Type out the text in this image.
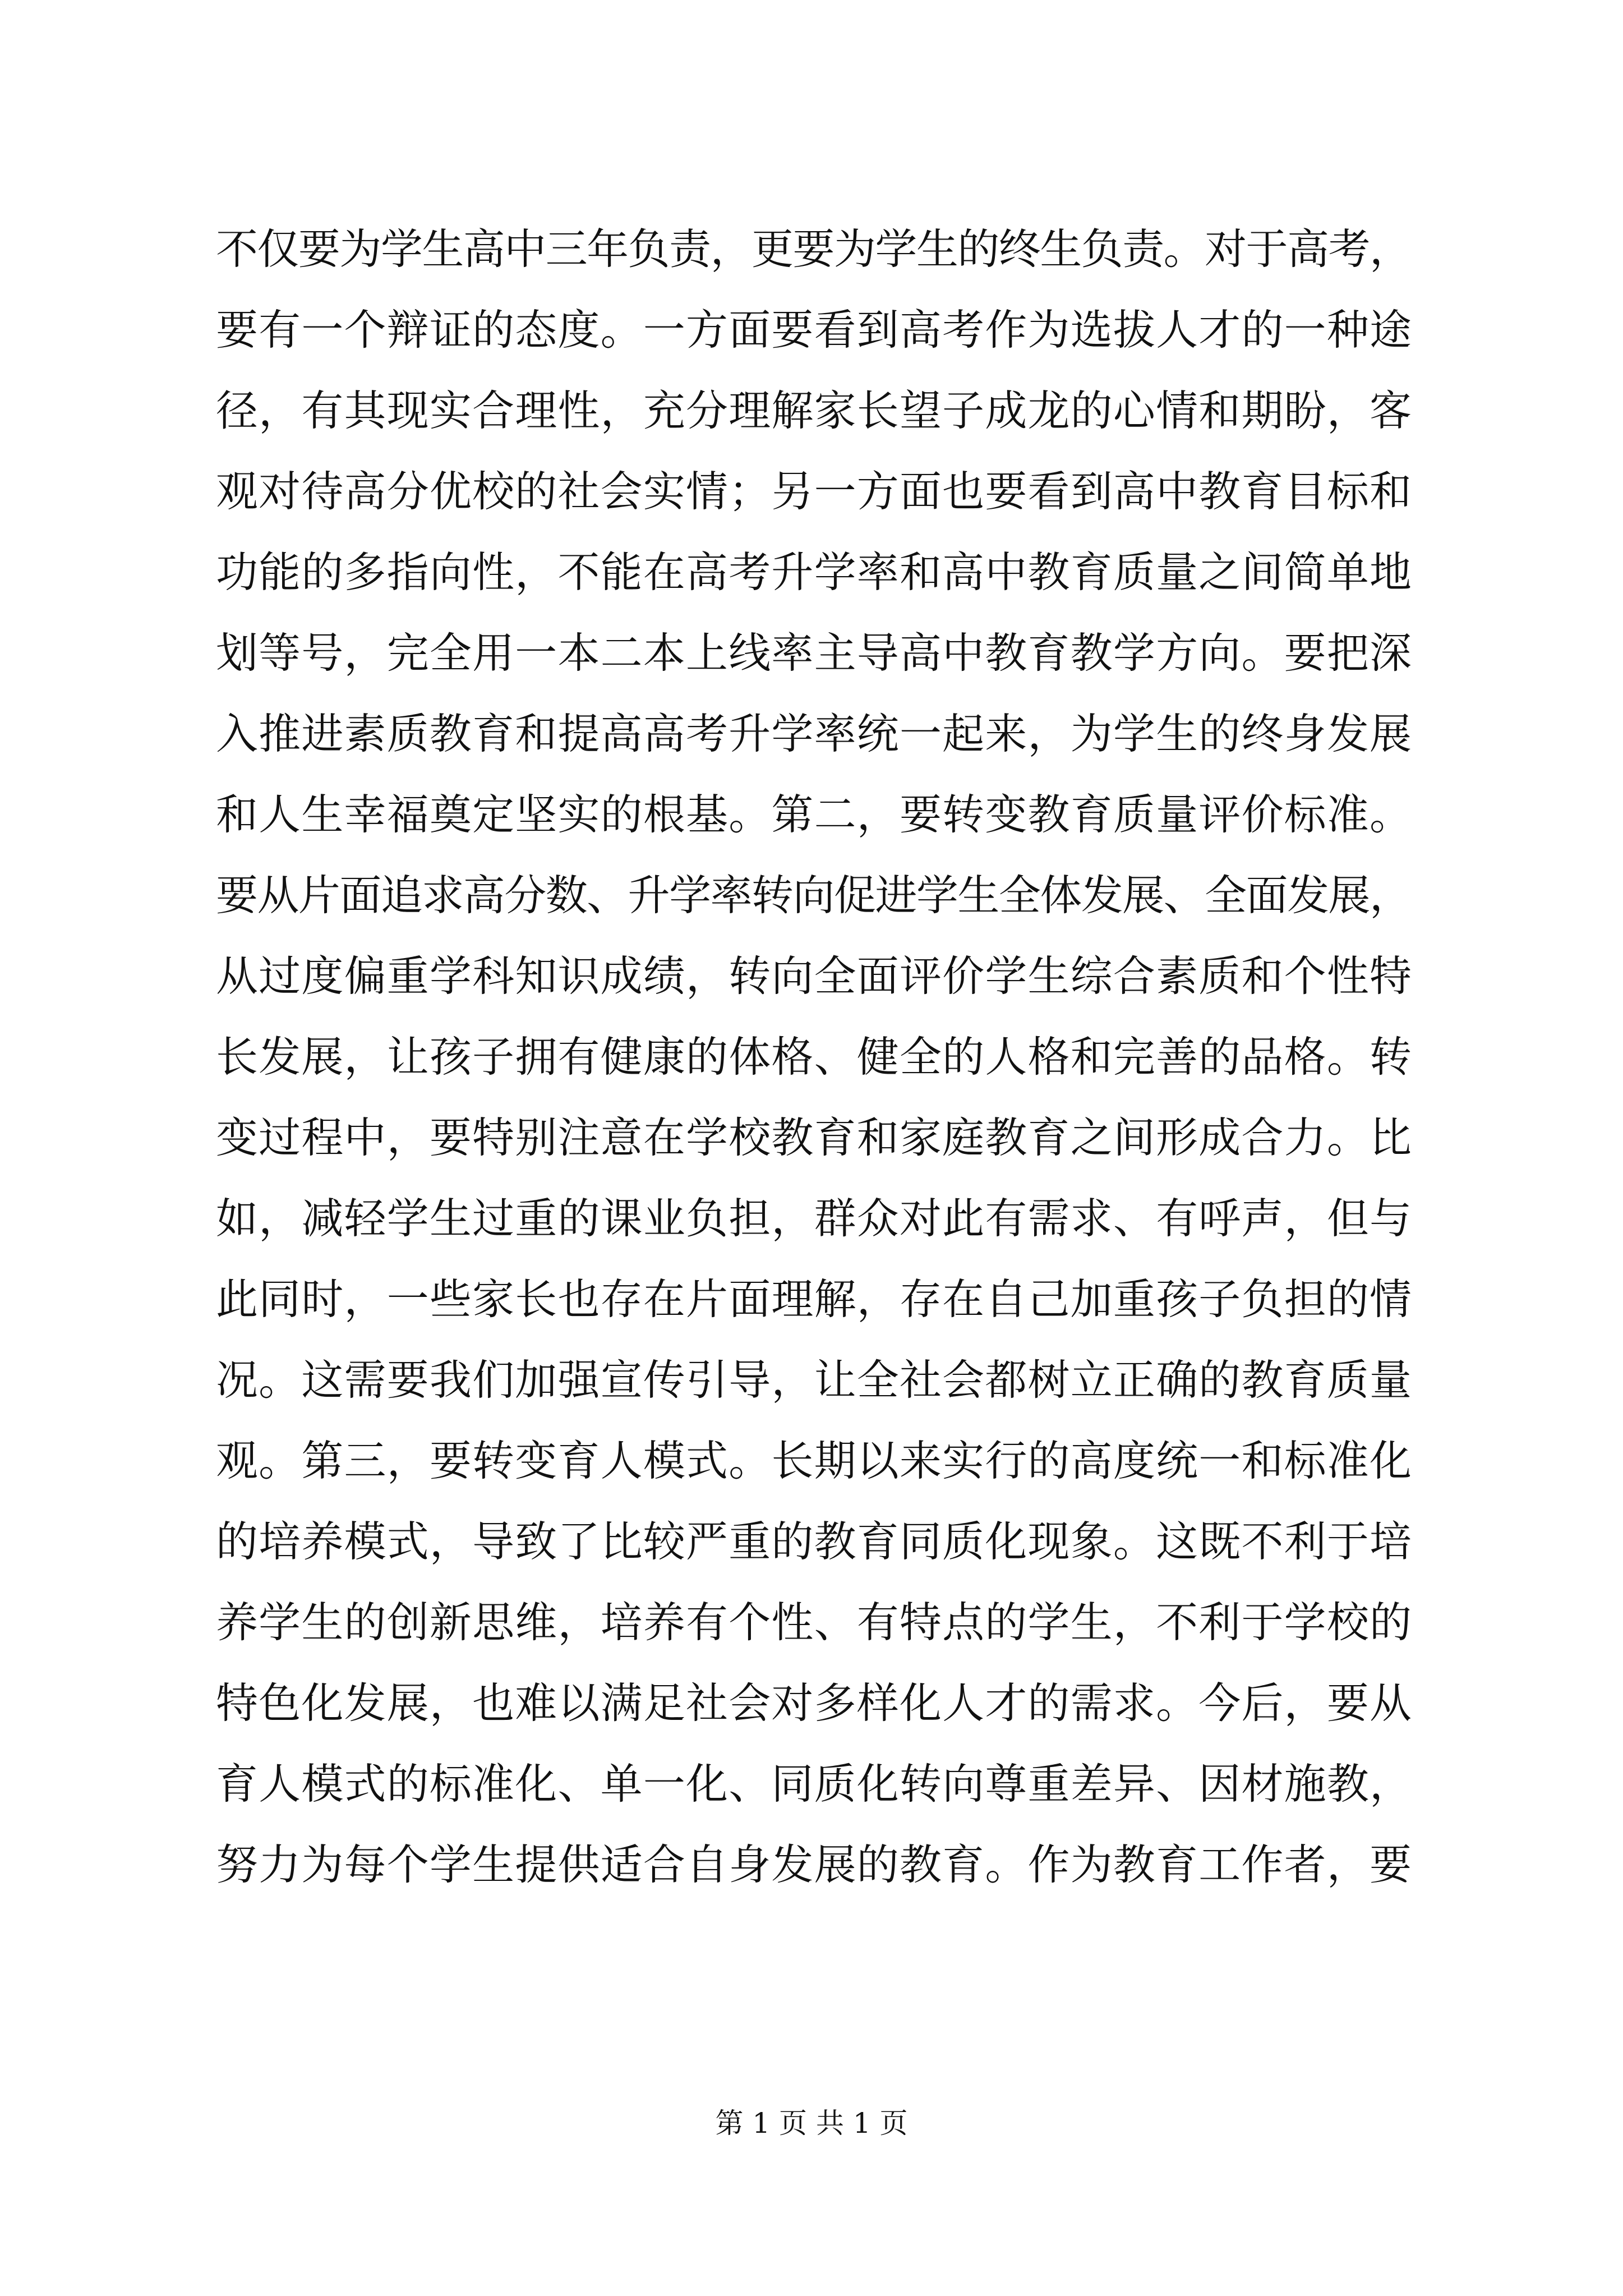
不仅要为学生高中三年负责，更要为学生的终生负责。对于高考，
要有一个辩证的态度。一方面要看到高考作为选拔人才的一种途
径，有其现实合理性，充分理解家长望子成龙的心情和期盼，客
观对待高分优校的社会实情；另一方面也要看到高中教育目标和
功能的多指向性，不能在高考升学率和高中教育质量之间简单地
划等号，完全用一本二本上线率主导高中教育教学方向。要把深
入推进素质教育和提高高考升学率统一起来，为学生的终身发展
和人生幸福奠定坚实的根基。第二，要转变教育质量评价标准。
要从片面追求高分数、升学率转向促进学生全体发展、全面发展，
从过度偏重学科知识成绩，转向全面评价学生综合素质和个性特
长发展，让孩子拥有健康的体格、健全的人格和完善的品格。转
变过程中，要特别注意在学校教育和家庭教育之间形成合力。比
如，减轻学生过重的课业负担，群众对此有需求、有呼声，但与
此同时，一些家长也存在片面理解，存在自己加重孩子负担的情
况。这需要我们加强宣传引导，让全社会都树立正确的教育质量
观。第三，要转变育人模式。长期以来实行的高度统一和标准化
的培养模式，导致了比较严重的教育同质化现象。这既不利于培
养学生的创新思维，培养有个性、有特点的学生，不利于学校的
特色化发展，也难以满足社会对多样化人才的需求。今后，要从
育人模式的标准化、单一化、同质化转向尊重差异、因材施教，
努力为每个学生提供适合自身发展的教育。作为教育工作者，要
第 1 页 共 1 页
